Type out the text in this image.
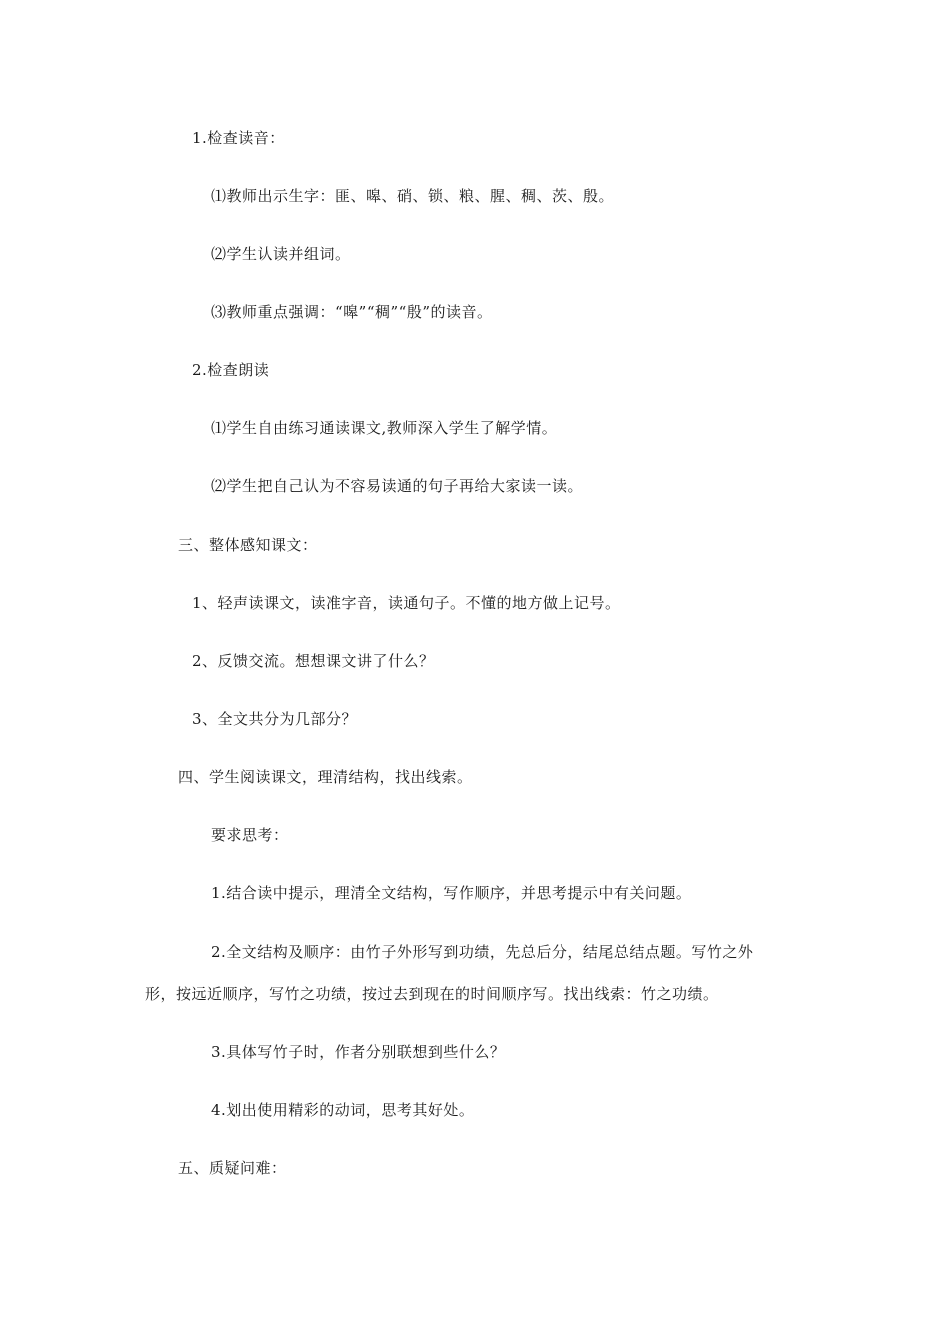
1.检查读音：
⑴教师出示生字：匪、嗥、硝、锁、粮、腥、稠、茨、殷。
⑵学生认读并组词。
⑶教师重点强调：“嗥”“稠”“殷”的读音。
2.检查朗读
⑴学生自由练习通读课文,教师深入学生了解学情。
⑵学生把自己认为不容易读通的句子再给大家读一读。
三、整体感知课文：
1、轻声读课文，读准字音，读通句子。不懂的地方做上记号。
2、反馈交流。想想课文讲了什么？
3、全文共分为几部分？
四、学生阅读课文，理清结构，找出线索。
要求思考：
1.结合读中提示，理清全文结构，写作顺序，并思考提示中有关问题。
2.全文结构及顺序：由竹子外形写到功绩，先总后分，结尾总结点题。写竹之外
形，按远近顺序，写竹之功绩，按过去到现在的时间顺序写。找出线索：竹之功绩。
3.具体写竹子时，作者分别联想到些什么？
4.划出使用精彩的动词，思考其好处。
五、质疑问难：
